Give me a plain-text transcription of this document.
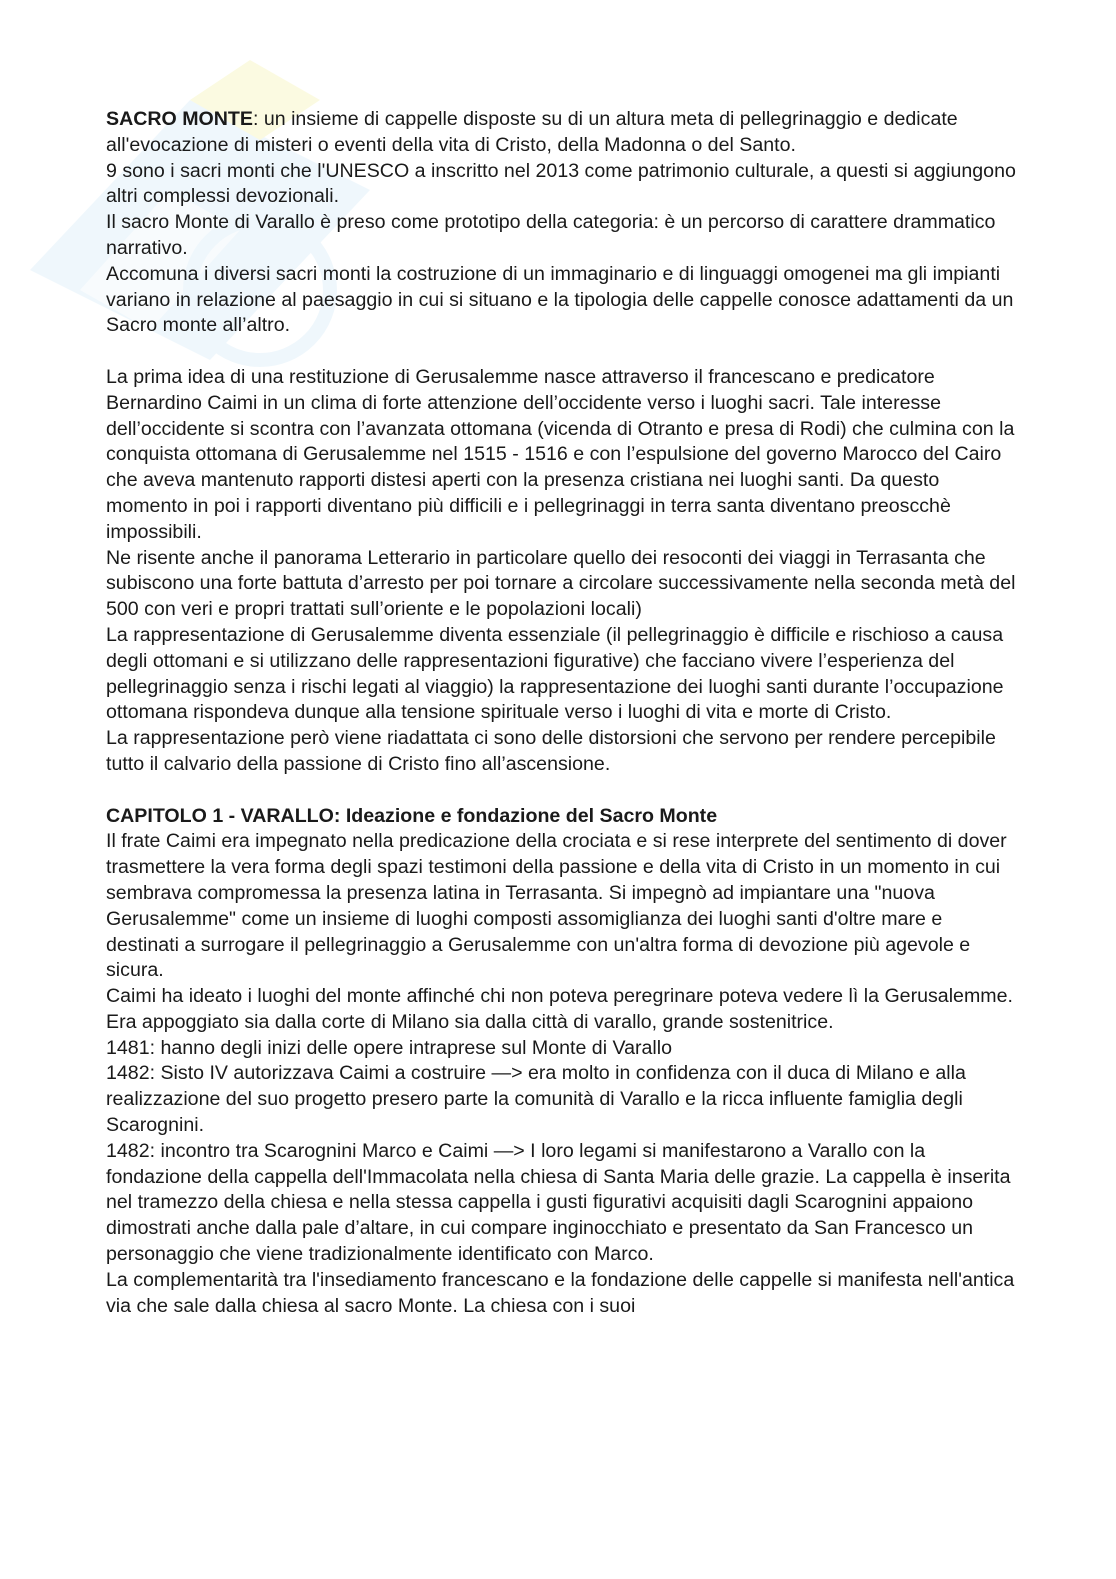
SACRO MONTE: un insieme di cappelle disposte su di un altura meta di pellegrinaggio e dedicate all'evocazione di misteri o eventi della vita di Cristo, della Madonna o del Santo.

9 sono i sacri monti che l'UNESCO a inscritto nel 2013 come patrimonio culturale, a questi si aggiungono altri complessi devozionali.

Il sacro Monte di Varallo è preso come prototipo della categoria: è un percorso di carattere drammatico narrativo.

Accomuna i diversi sacri monti la costruzione di un immaginario e di linguaggi omogenei ma gli impianti variano in relazione al paesaggio in cui si situano e la tipologia delle cappelle conosce adattamenti da un Sacro monte all’altro.

La prima idea di una restituzione di Gerusalemme nasce attraverso il francescano e predicatore Bernardino Caimi in un clima di forte attenzione dell’occidente verso i luoghi sacri. Tale interesse dell’occidente si scontra con l’avanzata ottomana (vicenda di Otranto e presa di Rodi) che culmina con la conquista ottomana di Gerusalemme nel 1515 - 1516 e con l’espulsione del governo Marocco del Cairo che aveva mantenuto rapporti distesi aperti con la presenza cristiana nei luoghi santi. Da questo momento in poi i rapporti diventano più difficili e i pellegrinaggi in terra santa diventano preoscchè impossibili.

Ne risente anche il panorama Letterario in particolare quello dei resoconti dei viaggi in Terrasanta che subiscono una forte battuta d’arresto per poi tornare a circolare successivamente nella seconda metà del 500 con veri e propri trattati sull’oriente e le popolazioni locali)

La rappresentazione di Gerusalemme diventa essenziale (il pellegrinaggio è difficile e rischioso a causa degli ottomani e si utilizzano delle rappresentazioni figurative) che facciano vivere l’esperienza del pellegrinaggio senza i rischi legati al viaggio) la rappresentazione dei luoghi santi durante l’occupazione ottomana rispondeva dunque alla tensione spirituale verso i luoghi di vita e morte di Cristo.

La rappresentazione però viene riadattata ci sono delle distorsioni che servono per rendere percepibile tutto il calvario della passione di Cristo fino all’ascensione.

CAPITOLO 1 - VARALLO: Ideazione e fondazione del Sacro Monte

Il frate Caimi era impegnato nella predicazione della crociata e si rese interprete del sentimento di dover trasmettere la vera forma degli spazi testimoni della passione e della vita di Cristo in un momento in cui sembrava compromessa la presenza latina in Terrasanta. Si impegnò ad impiantare una "nuova Gerusalemme" come un insieme di luoghi composti assomiglianza dei luoghi santi d'oltre mare e destinati a surrogare il pellegrinaggio a Gerusalemme con un'altra forma di devozione più agevole e sicura.

Caimi ha ideato i luoghi del monte affinché chi non poteva peregrinare poteva vedere lì la Gerusalemme.

Era appoggiato sia dalla corte di Milano sia dalla città di varallo, grande sostenitrice.

1481: hanno degli inizi delle opere intraprese sul Monte di Varallo

1482: Sisto IV autorizzava Caimi a costruire —> era molto in confidenza con il duca di Milano e alla realizzazione del suo progetto presero parte la comunità di Varallo e la ricca influente famiglia degli Scarognini.

1482: incontro tra Scarognini Marco e Caimi —> I loro legami si manifestarono a Varallo con la fondazione della cappella dell'Immacolata nella chiesa di Santa Maria delle grazie. La cappella è inserita nel tramezzo della chiesa e nella stessa cappella i gusti figurativi acquisiti dagli Scarognini appaiono dimostrati anche dalla pale d’altare, in cui compare inginocchiato e presentato da San Francesco un personaggio che viene tradizionalmente identificato con Marco.

La complementarità tra l'insediamento francescano e la fondazione delle cappelle si manifesta nell'antica via che sale dalla chiesa al sacro Monte. La chiesa con i suoi
